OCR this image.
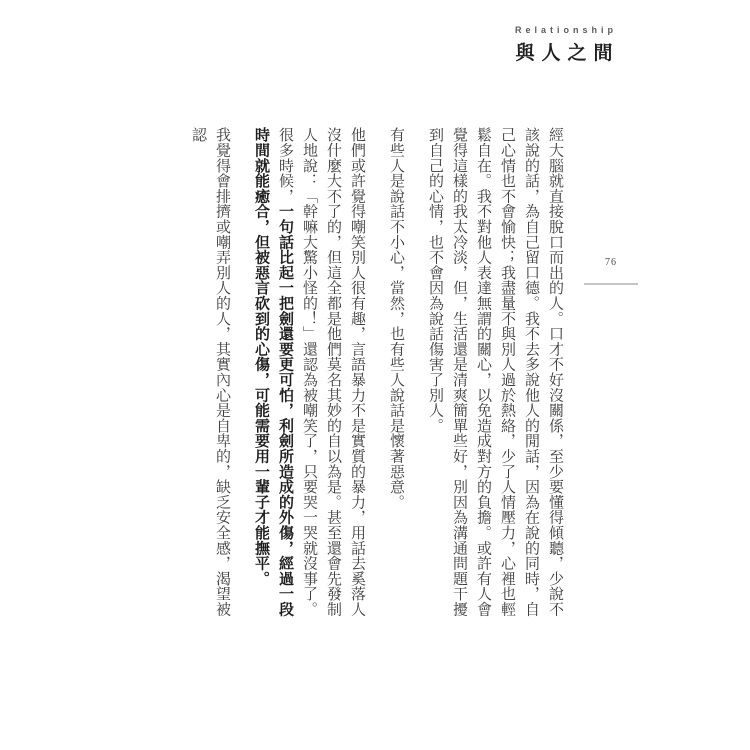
Relationship
與人之間
76

經大腦就直接脫口而出的人。口才不好沒關係，至少要懂得傾聽，少說不該說的話，為自己留口德。我不去多說他人的閒話，因為在說的同時，自己心情也不會愉快；我盡量不與別人過於熱絡，少了人情壓力，心裡也輕鬆自在。我不對他人表達無謂的關心，以免造成對方的負擔。或許有人會覺得這樣的我太冷淡，但，生活還是清爽簡單些好，別因為溝通問題干擾到自己的心情，也不會因為說話傷害了別人。

有些人是說話不小心，當然，也有些人說話是懷著惡意。

他們或許覺得嘲笑別人很有趣，言語暴力不是實質的暴力，用話去奚落人沒什麼大不了的，但這全都是他們莫名其妙的自以為是。甚至還會先發制人地說：「幹嘛大驚小怪的！」還認為被嘲笑了，只要哭一哭就沒事了。很多時候，一句話比起一把劍還要更可怕，利劍所造成的外傷，經過一段時間就能癒合，但被惡言砍到的心傷，可能需要用一輩子才能撫平。

我覺得會排擠或嘲弄別人的人，其實內心是自卑的，缺乏安全感，渴望被認
